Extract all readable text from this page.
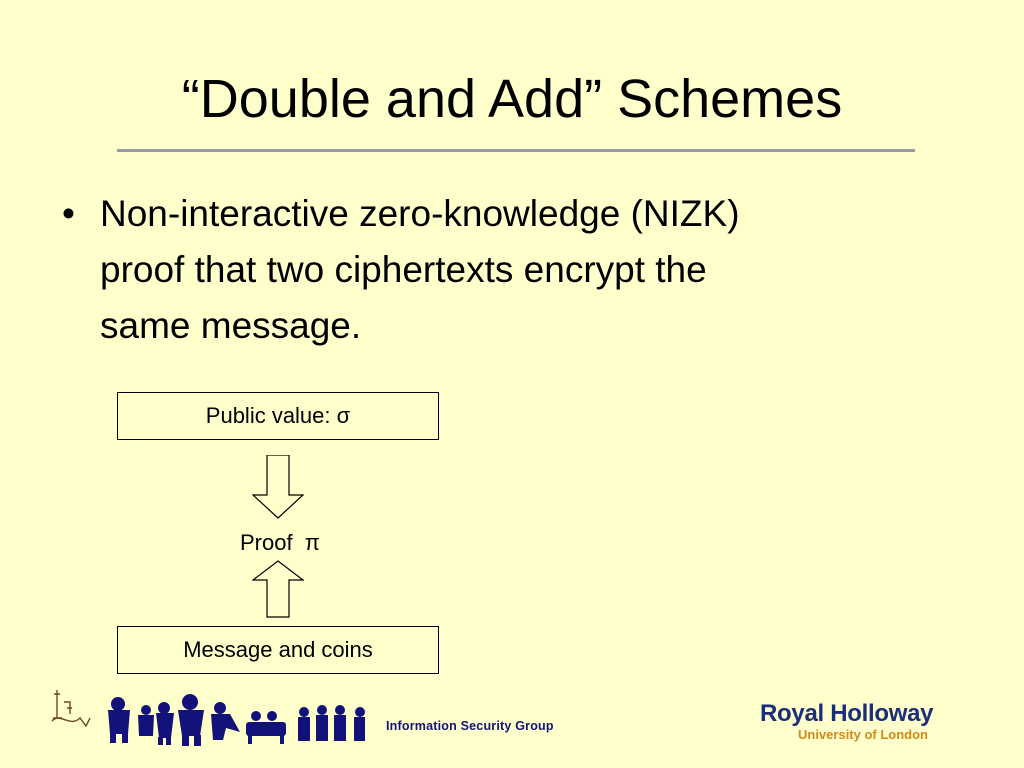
“Double and Add” Schemes
• Non-interactive zero-knowledge (NIZK)
proof that two ciphertexts encrypt the
same message.
Public value: σ
Proof  π
Message and coins
Information Security Group	Royal Holloway
University of London
